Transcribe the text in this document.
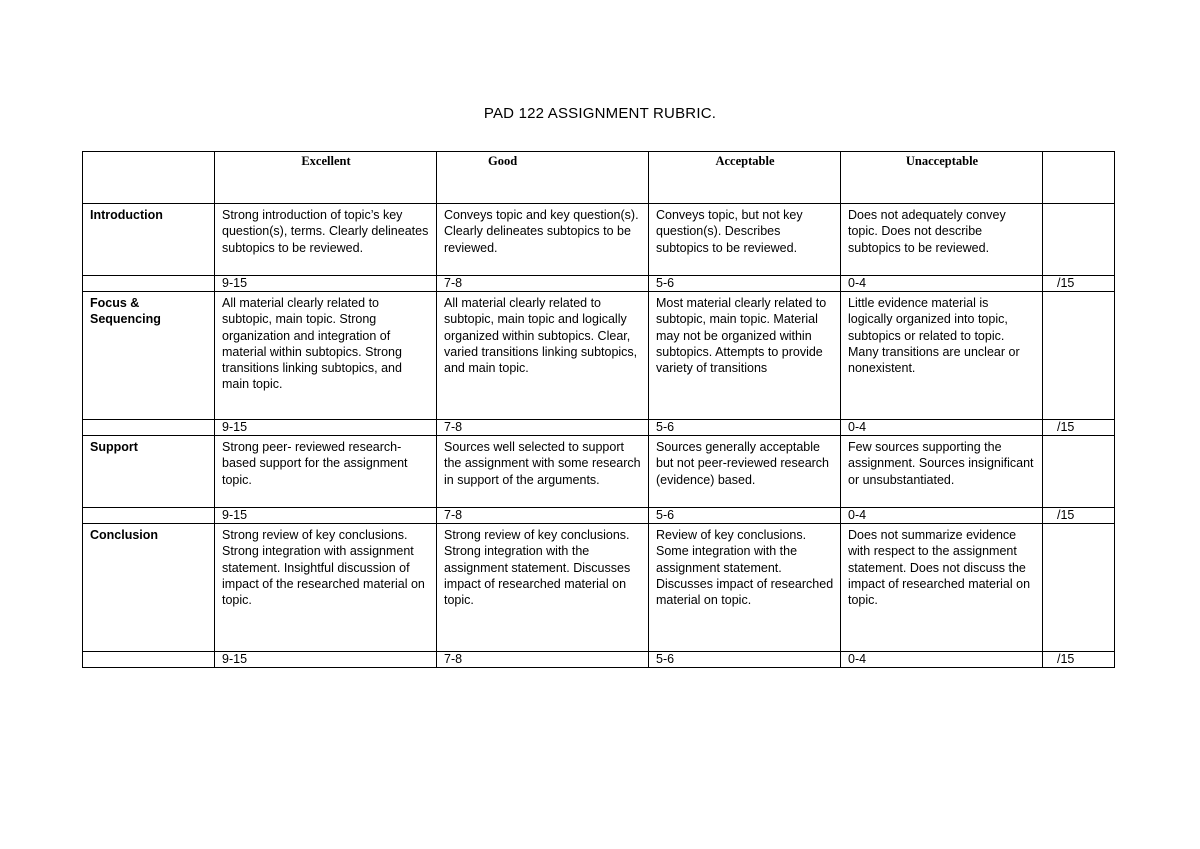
PAD 122 ASSIGNMENT RUBRIC.

	Excellent	Good	Acceptable	Unacceptable	

Introduction	Strong introduction of topic’s key question(s), terms. Clearly delineates subtopics to be reviewed.	Conveys topic and key question(s). Clearly delineates subtopics to be reviewed.	Conveys topic, but not key question(s). Describes subtopics to be reviewed.	Does not adequately convey topic. Does not describe subtopics to be reviewed.	
	9-15	7-8	5-6	0-4	/15
Focus & Sequencing	All material clearly related to subtopic, main topic. Strong organization and integration of material within subtopics. Strong transitions linking subtopics, and main topic.	All material clearly related to subtopic, main topic and logically organized within subtopics. Clear, varied transitions linking subtopics, and main topic.	Most material clearly related to subtopic, main topic. Material may not be organized within subtopics. Attempts to provide variety of transitions	Little evidence material is logically organized into topic, subtopics or related to topic. Many transitions are unclear or nonexistent.	
	9-15	7-8	5-6	0-4	/15
Support	Strong peer- reviewed research-based support for the assignment topic.	Sources well selected to support the assignment with some research in support of the arguments.	Sources generally acceptable but not peer-reviewed research (evidence) based.	Few sources supporting the assignment. Sources insignificant or unsubstantiated.	
	9-15	7-8	5-6	0-4	/15
Conclusion	Strong review of key conclusions. Strong integration with assignment statement. Insightful discussion of impact of the researched material on topic.	Strong review of key conclusions. Strong integration with the assignment statement. Discusses impact of researched material on topic.	Review of key conclusions. Some integration with the assignment statement. Discusses impact of researched material on topic.	Does not summarize evidence with respect to the assignment statement. Does not discuss the impact of researched material on topic.	
	9-15	7-8	5-6	0-4	/15
